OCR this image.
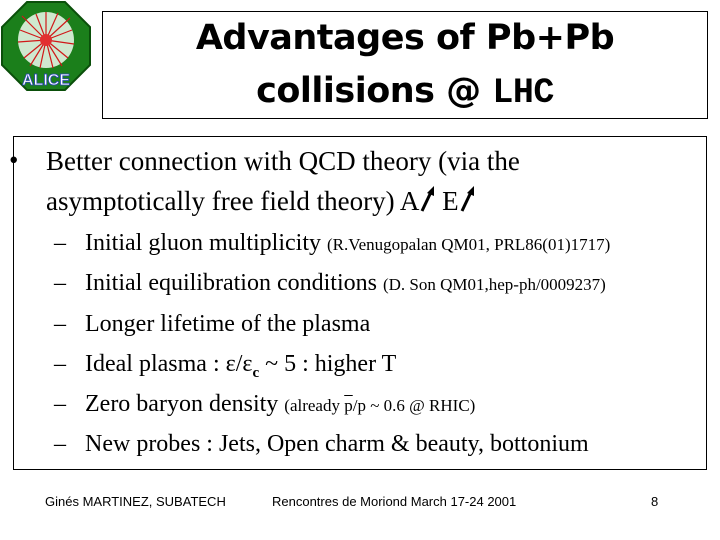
ALICE
Advantages of Pb+Pb
collisions @ LHC
• Better connection with QCD theory (via the
asymptotically free field theory) A E
– Initial gluon multiplicity (R.Venugopalan QM01, PRL86(01)1717)
– Initial equilibration conditions (D. Son QM01,hep-ph/0009237)
– Longer lifetime of the plasma
– Ideal plasma : $\varepsilon/\varepsilon_c$ ~ 5 : higher T
– Zero baryon density (already $\overline{p}/p$ ~ 0.6 @ RHIC)
– New probes : Jets, Open charm & beauty, bottonium
Ginés MARTINEZ, SUBATECH	Rencontres de Moriond March 17-24 2001	8
